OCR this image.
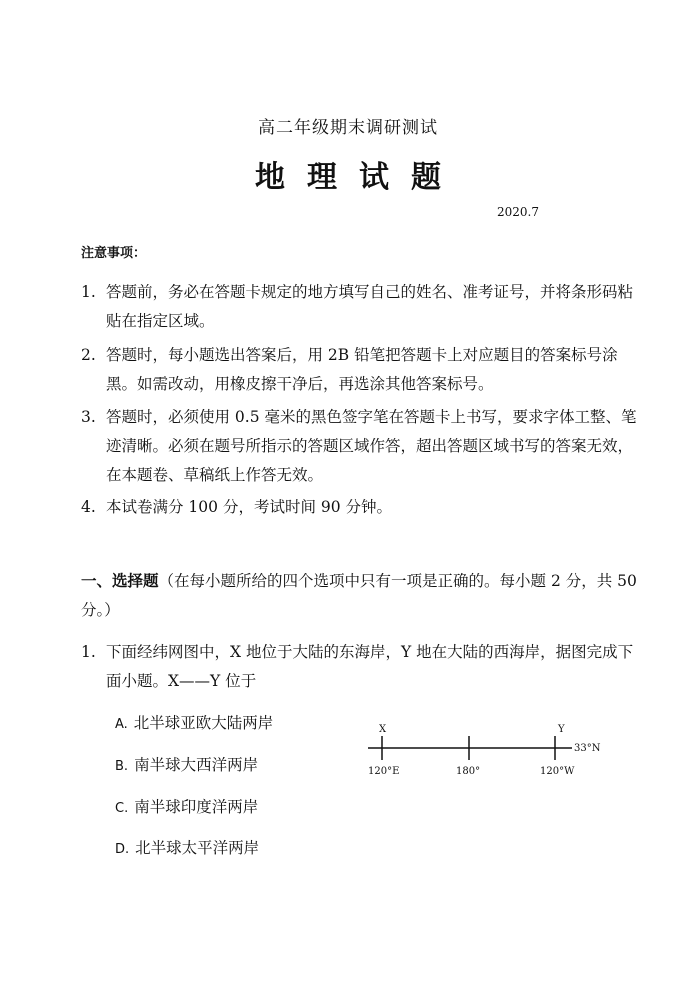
高二年级期末调研测试
地理试题
2020.7
注意事项：
1. 答题前，务必在答题卡规定的地方填写自己的姓名、准考证号，并将条形码粘贴在指定区域。
2. 答题时，每小题选出答案后，用 2B 铅笔把答题卡上对应题目的答案标号涂黑。如需改动，用橡皮擦干净后，再选涂其他答案标号。
3. 答题时，必须使用 0.5 毫米的黑色签字笔在答题卡上书写，要求字体工整、笔迹清晰。必须在题号所指示的答题区域作答，超出答题区域书写的答案无效，在本题卷、草稿纸上作答无效。
4. 本试卷满分 100 分，考试时间 90 分钟。
一、选择题（在每小题所给的四个选项中只有一项是正确的。每小题 2 分，共 50 分。）
1. 下面经纬网图中，X 地位于大陆的东海岸，Y 地在大陆的西海岸，据图完成下面小题。X——Y 位于
A. 北半球亚欧大陆两岸
B. 南半球大西洋两岸
C. 南半球印度洋两岸
D. 北半球太平洋两岸
X	Y
33°N
120°E	180°	120°W
